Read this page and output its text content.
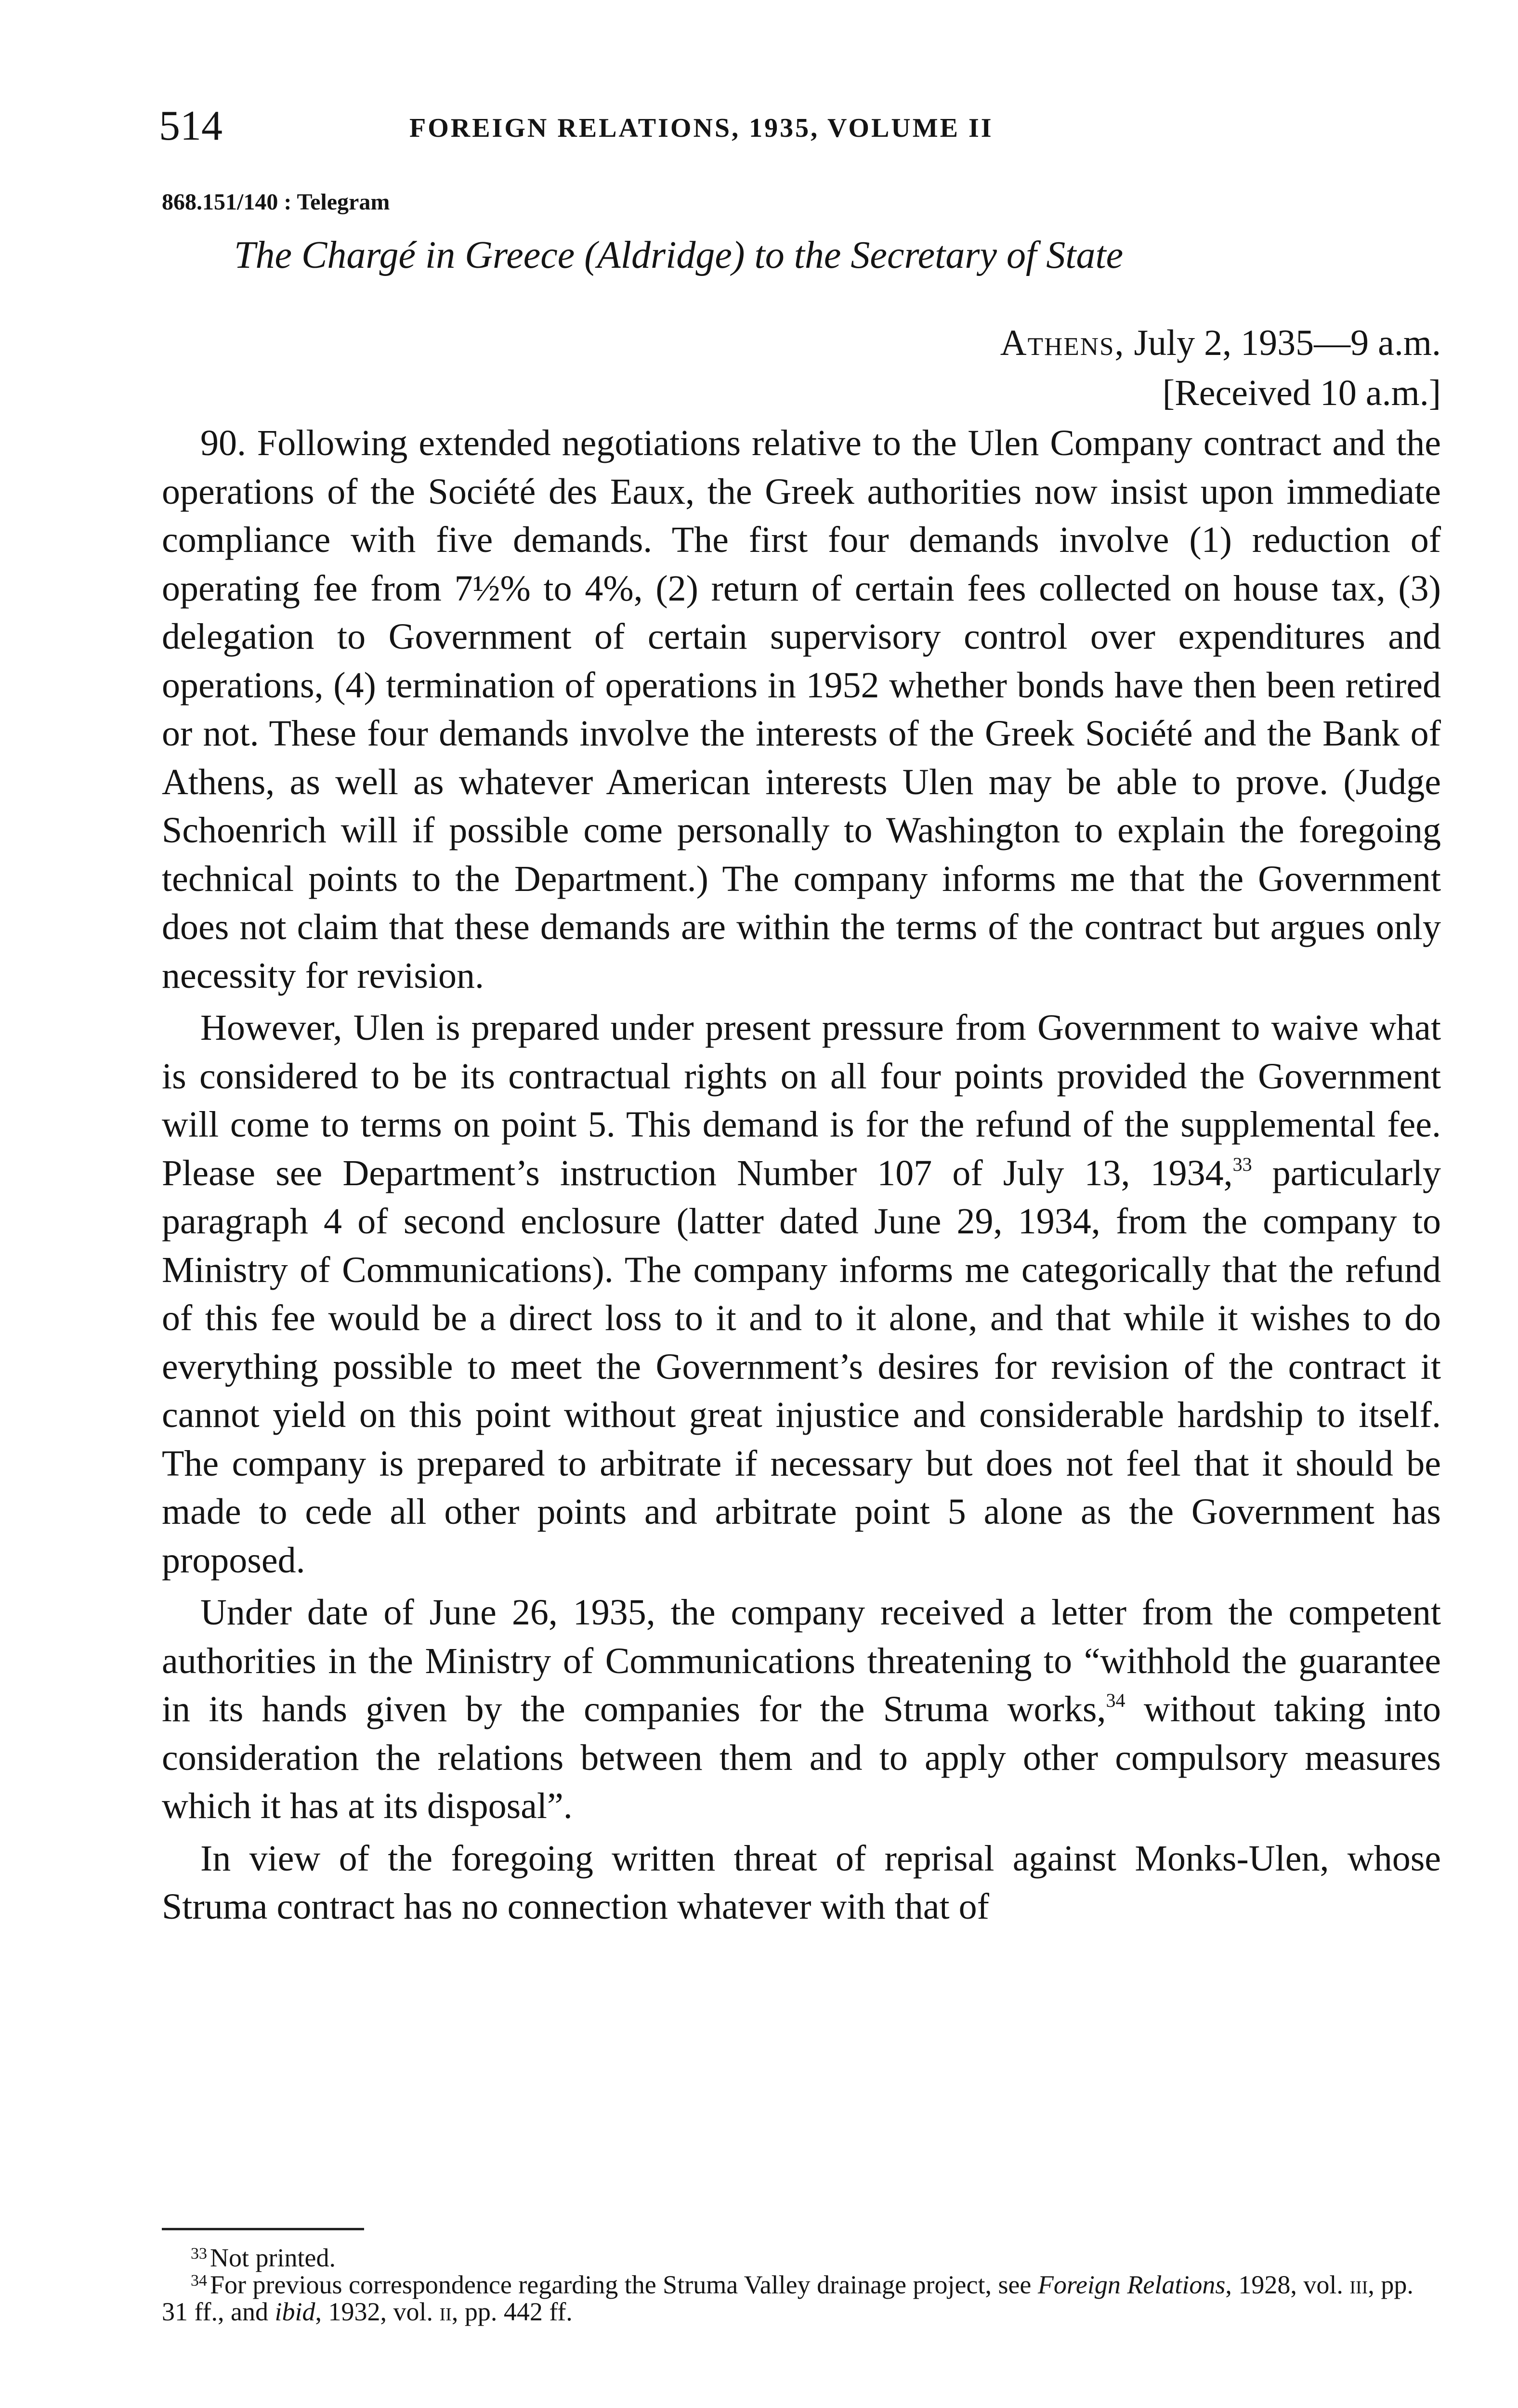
514	FOREIGN RELATIONS, 1935, VOLUME II
868.151/140 : Telegram
The Chargé in Greece (Aldridge) to the Secretary of State
Athens, July 2, 1935—9 a.m.
[Received 10 a.m.]

90. Following extended negotiations relative to the Ulen Company contract and the operations of the Société des Eaux, the Greek authorities now insist upon immediate compliance with five demands. The first four demands involve (1) reduction of operating fee from 7½% to 4%, (2) return of certain fees collected on house tax, (3) delegation to Government of certain supervisory control over expenditures and operations, (4) termination of operations in 1952 whether bonds have then been retired or not. These four demands involve the interests of the Greek Société and the Bank of Athens, as well as whatever American interests Ulen may be able to prove. (Judge Schoenrich will if possible come personally to Washington to explain the foregoing technical points to the Department.) The company informs me that the Government does not claim that these demands are within the terms of the contract but argues only necessity for revision.

However, Ulen is prepared under present pressure from Government to waive what is considered to be its contractual rights on all four points provided the Government will come to terms on point 5. This demand is for the refund of the supplemental fee. Please see Department’s instruction Number 107 of July 13, 1934,33 particularly paragraph 4 of second enclosure (latter dated June 29, 1934, from the company to Ministry of Communications). The company informs me categorically that the refund of this fee would be a direct loss to it and to it alone, and that while it wishes to do everything possible to meet the Government’s desires for revision of the contract it cannot yield on this point without great injustice and considerable hardship to itself. The company is prepared to arbitrate if necessary but does not feel that it should be made to cede all other points and arbitrate point 5 alone as the Government has proposed.

Under date of June 26, 1935, the company received a letter from the competent authorities in the Ministry of Communications threatening to “withhold the guarantee in its hands given by the companies for the Struma works,$^{34}$ without taking into consideration the relations between them and to apply other compulsory measures which it has at its disposal”.

In view of the foregoing written threat of reprisal against Monks-Ulen, whose Struma contract has no connection whatever with that of

$^{33}$ Not printed.

$^{34}$ For previous correspondence regarding the Struma Valley drainage project, see Foreign Relations, 1928, vol. iii, pp. 31 ff., and ibid, 1932, vol. ii, pp. 442 ff.
